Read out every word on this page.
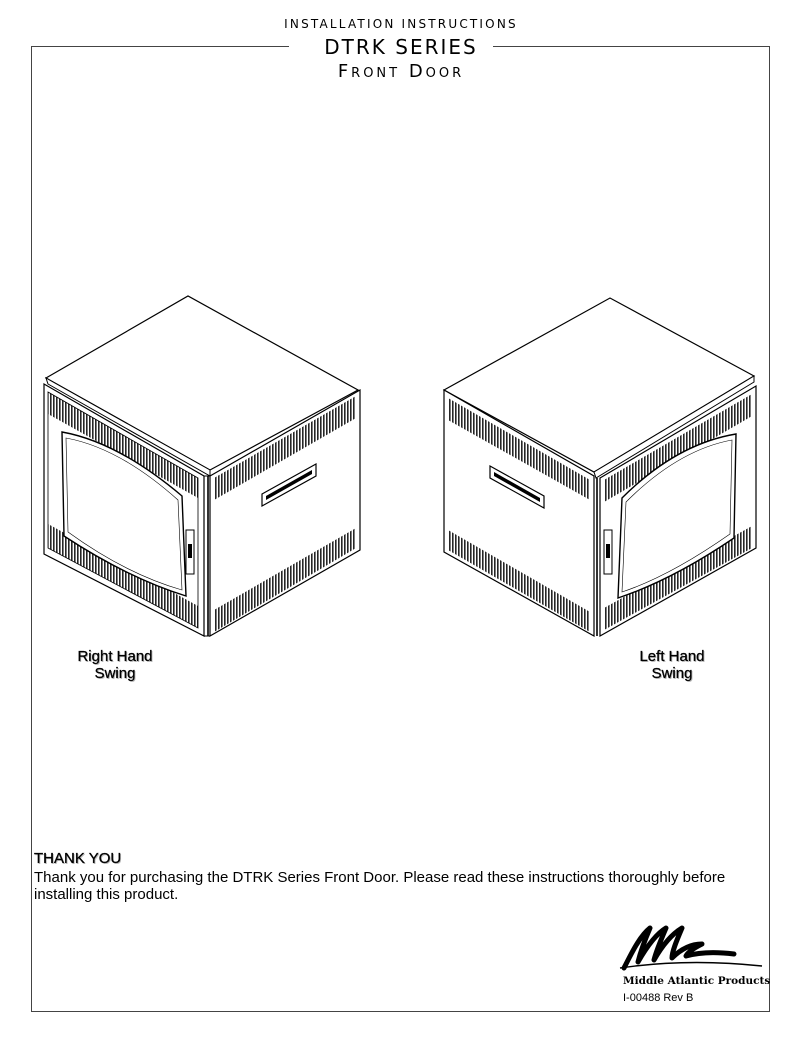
INSTALLATION INSTRUCTIONS
DTRK SERIES
Front Door
Right Hand
Swing
Left Hand
Swing
THANK YOU
Thank you for purchasing the DTRK Series Front Door. Please read these instructions thoroughly before installing this product.
Middle Atlantic Products
I-00488 Rev B
